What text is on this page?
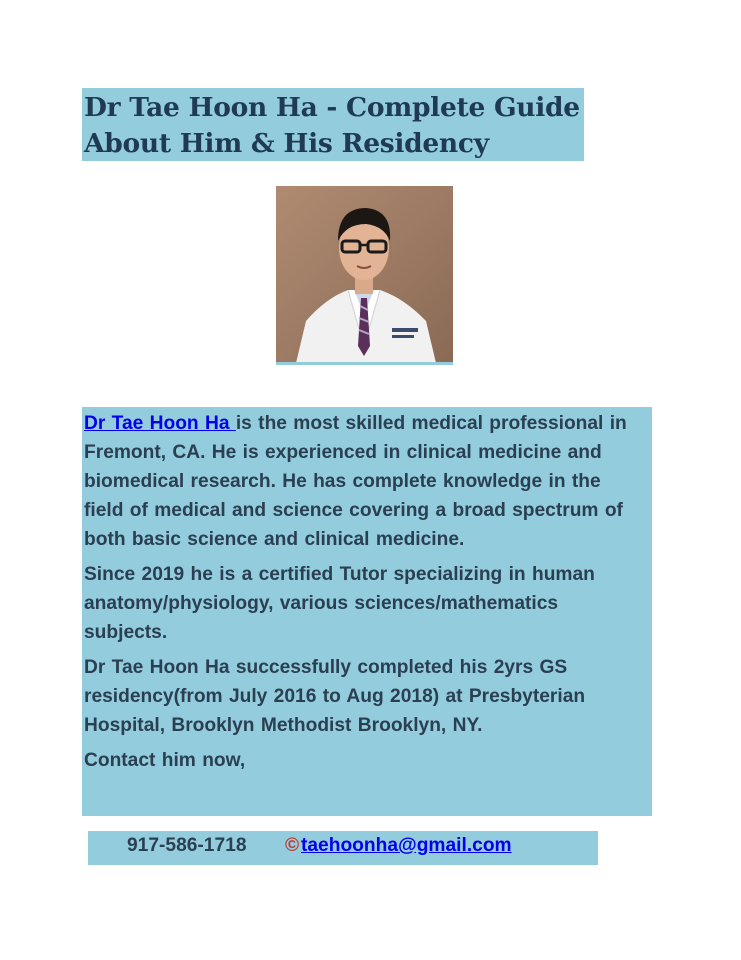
Dr Tae Hoon Ha - Complete Guide
About Him & His Residency

Dr Tae Hoon Ha is the most skilled medical professional in Fremont, CA. He is experienced in clinical medicine and biomedical research. He has complete knowledge in the field of medical and science covering a broad spectrum of both basic science and clinical medicine.

Since 2019 he is a certified Tutor specializing in human anatomy/physiology, various sciences/mathematics subjects.

Dr Tae Hoon Ha successfully completed his 2yrs GS residency(from July 2016 to Aug 2018) at Presbyterian Hospital, Brooklyn Methodist Brooklyn, NY.

Contact him now,

917-586-1718 © taehoonha@gmail.com
